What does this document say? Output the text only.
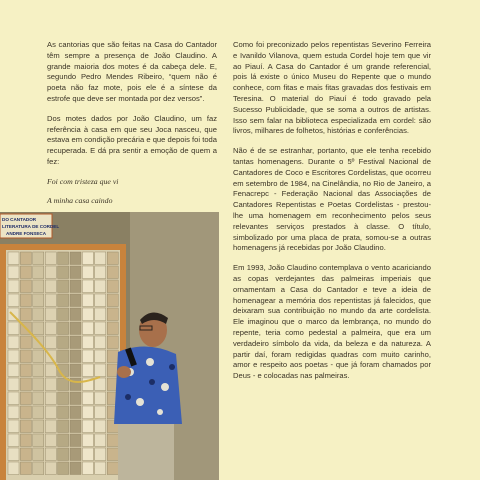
As cantorias que são feitas na Casa do Cantador têm sempre a presença de João Claudino. A grande maioria dos motes é da cabeça dele. E, segundo Pedro Mendes Ribeiro, “quem não é poeta não faz mote, pois ele é a síntese da estrofe que deve ser montada por dez versos”.

Dos motes dados por João Claudino, um faz referência à casa em que seu Joca nasceu, que estava em condição precária e que depois foi toda recuperada. E dá pra sentir a emoção de quem a fez:

Foi com tristeza que vi

A minha casa caindo

Como foi preconizado pelos repentistas Severino Ferreira e Ivanildo Vilanova, quem estuda Cordel hoje tem que vir ao Piauí. A Casa do Cantador é um grande referencial, pois lá existe o único Museu do Repente que o mundo conhece, com fitas e mais fitas gravadas dos festivais em Teresina. O material do Piauí é todo gravado pela Sucesso Publicidade, que se soma a outros de artistas. Isso sem falar na biblioteca especializada em cordel: são livros, milhares de folhetos, histórias e conferências.

Não é de se estranhar, portanto, que ele tenha recebido tantas homenagens. Durante o 5º Festival Nacional de Cantadores de Coco e Escritores Cordelistas, que ocorreu em setembro de 1984, na Cinelândia, no Rio de Janeiro, a Fenacrepc - Federação Nacional das Associações de Cantadores Repentistas e Poetas Cordelistas - prestou-lhe uma homenagem em reconhecimento pelos seus relevantes serviços prestados à classe. O título, simbolizado por uma placa de prata, somou-se a outras homenagens já recebidas por João Claudino.

Em 1993, João Claudino contemplava o vento acariciando as copas verdejantes das palmeiras imperiais que ornamentam a Casa do Cantador e teve a ideia de homenagear a memória dos repentistas já falecidos, que deixaram sua contribuição no mundo da arte cordelista. Ele imaginou que o marco da lembrança, no mundo do repente, teria como pedestal a palmeira, que era um verdadeiro símbolo da vida, da beleza e da natureza. A partir daí, foram redigidas quadras com muito carinho, amor e respeito aos poetas - que já foram chamados por Deus - e colocadas nas palmeiras.

DO CANTADOR
LITERATURA DE CORDEL
ANDRE FONSECA
